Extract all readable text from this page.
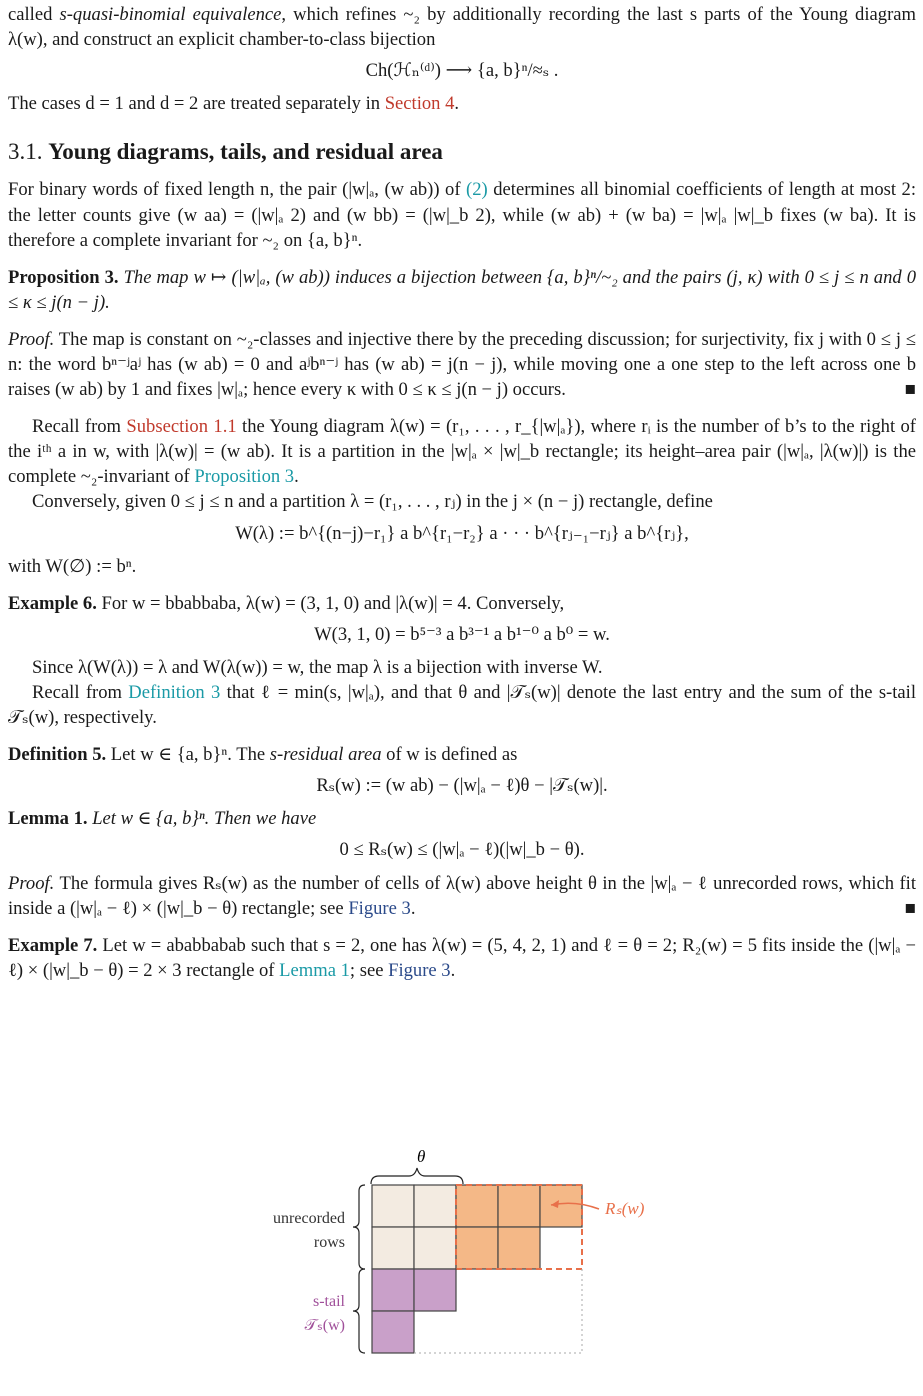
called s-quasi-binomial equivalence, which refines ~₂ by additionally recording the last s parts of the Young diagram λ(w), and construct an explicit chamber-to-class bijection

Ch(ℋₙ⁽ᵈ⁾) ⟶ {a, b}ⁿ/≈ₛ .

The cases d = 1 and d = 2 are treated separately in Section 4.

3.1. Young diagrams, tails, and residual area

For binary words of fixed length n, the pair (|w|ₐ, (w ab)) of (2) determines all binomial coefficients of length at most 2: the letter counts give (w aa) = (|w|ₐ 2) and (w bb) = (|w|_b 2), while (w ab) + (w ba) = |w|ₐ |w|_b fixes (w ba). It is therefore a complete invariant for ~₂ on {a, b}ⁿ.

Proposition 3. The map w ↦ (|w|ₐ, (w ab)) induces a bijection between {a, b}ⁿ/~₂ and the pairs (j, κ) with 0 ≤ j ≤ n and 0 ≤ κ ≤ j(n − j).

Proof. The map is constant on ~₂-classes and injective there by the preceding discussion; for surjectivity, fix j with 0 ≤ j ≤ n: the word bⁿ⁻ʲaʲ has (w ab) = 0 and aʲbⁿ⁻ʲ has (w ab) = j(n − j), while moving one a one step to the left across one b raises (w ab) by 1 and fixes |w|ₐ; hence every κ with 0 ≤ κ ≤ j(n − j) occurs.	■

Recall from Subsection 1.1 the Young diagram λ(w) = (r₁, . . . , r_{|w|ₐ}), where rᵢ is the number of b’s to the right of the iᵗʰ a in w, with |λ(w)| = (w ab). It is a partition in the |w|ₐ × |w|_b rectangle; its height–area pair (|w|ₐ, |λ(w)|) is the complete ~₂-invariant of Proposition 3.

Conversely, given 0 ≤ j ≤ n and a partition λ = (r₁, . . . , rⱼ) in the j × (n − j) rectangle, define

W(λ) := b^{(n−j)−r₁} a b^{r₁−r₂} a · · · b^{rⱼ₋₁−rⱼ} a b^{rⱼ},

with W(∅) := bⁿ.

Example 6. For w = bbabbaba, λ(w) = (3, 1, 0) and |λ(w)| = 4. Conversely,

W(3, 1, 0) = b⁵⁻³ a b³⁻¹ a b¹⁻⁰ a b⁰ = w.

Since λ(W(λ)) = λ and W(λ(w)) = w, the map λ is a bijection with inverse W.

Recall from Definition 3 that ℓ = min(s, |w|ₐ), and that θ and |𝒯ₛ(w)| denote the last entry and the sum of the s-tail 𝒯ₛ(w), respectively.

Definition 5. Let w ∈ {a, b}ⁿ. The s-residual area of w is defined as

Rₛ(w) := (w ab) − (|w|ₐ − ℓ)θ − |𝒯ₛ(w)|.

Lemma 1. Let w ∈ {a, b}ⁿ. Then we have

0 ≤ Rₛ(w) ≤ (|w|ₐ − ℓ)(|w|_b − θ).

Proof. The formula gives Rₛ(w) as the number of cells of λ(w) above height θ in the |w|ₐ − ℓ unrecorded rows, which fit inside a (|w|ₐ − ℓ) × (|w|_b − θ) rectangle; see Figure 3.	■

Example 7. Let w = ababbabab such that s = 2, one has λ(w) = (5, 4, 2, 1) and ℓ = θ = 2; R₂(w) = 5 fits inside the (|w|ₐ − ℓ) × (|w|_b − θ) = 2 × 3 rectangle of Lemma 1; see Figure 3.

θ
unrecorded
rows
s-tail
𝒯ₛ(w)
Rₛ(w)
